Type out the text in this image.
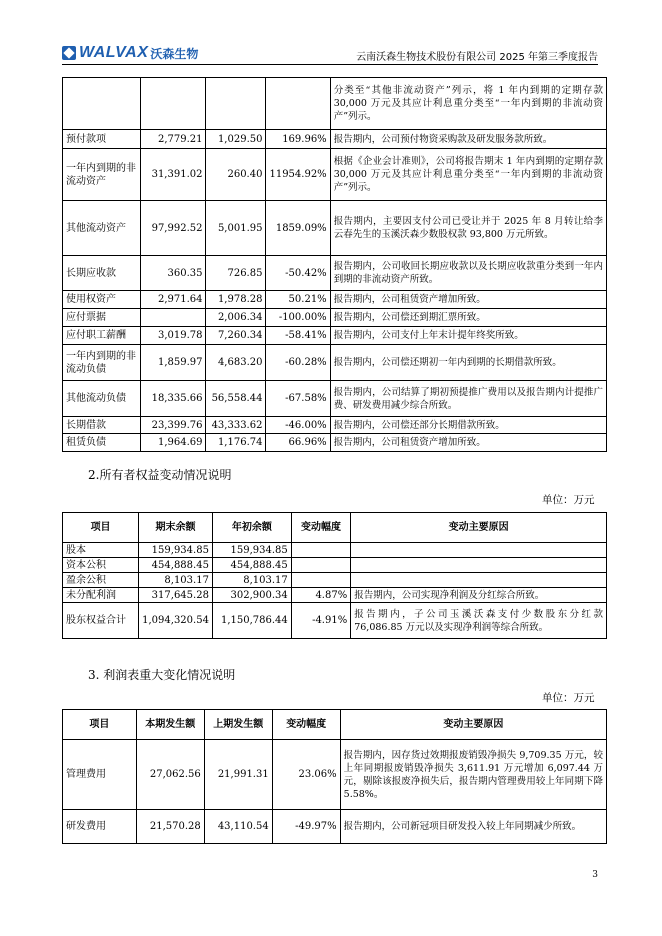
WALVAX 沃森生物	云南沃森生物技术股份有限公司 2025 年第三季度报告
				分类至“其他非流动资产”列示，将 1 年内到期的定期存款 30,000 万元及其应计利息重分类至“一年内到期的非流动资产”列示。
预付款项	2,779.21	1,029.50	169.96%	报告期内，公司预付物资采购款及研发服务款所致。
一年内到期的非流动资产	31,391.02	260.40	11954.92%	根据《企业会计准则》，公司将报告期末 1 年内到期的定期存款 30,000 万元及其应计利息重分类至“一年内到期的非流动资产”列示。
其他流动资产	97,992.52	5,001.95	1859.09%	报告期内，主要因支付公司已受让并于 2025 年 8 月转让给李云春先生的玉溪沃森少数股权款 93,800 万元所致。
长期应收款	360.35	726.85	-50.42%	报告期内，公司收回长期应收款以及长期应收款重分类到一年内到期的非流动资产所致。
使用权资产	2,971.64	1,978.28	50.21%	报告期内，公司租赁资产增加所致。
应付票据		2,006.34	-100.00%	报告期内，公司偿还到期汇票所致。
应付职工薪酬	3,019.78	7,260.34	-58.41%	报告期内，公司支付上年末计提年终奖所致。
一年内到期的非流动负债	1,859.97	4,683.20	-60.28%	报告期内，公司偿还期初一年内到期的长期借款所致。
其他流动负债	18,335.66	56,558.44	-67.58%	报告期内，公司结算了期初预提推广费用以及报告期内计提推广费、研发费用减少综合所致。
长期借款	23,399.76	43,333.62	-46.00%	报告期内，公司偿还部分长期借款所致。
租赁负债	1,964.69	1,176.74	66.96%	报告期内，公司租赁资产增加所致。
2.所有者权益变动情况说明
单位：万元
项目	期末余额	年初余额	变动幅度	变动主要原因
股本	159,934.85	159,934.85		
资本公积	454,888.45	454,888.45		
盈余公积	8,103.17	8,103.17		
未分配利润	317,645.28	302,900.34	4.87%	报告期内，公司实现净利润及分红综合所致。
股东权益合计	1,094,320.54	1,150,786.44	-4.91%	报告期内，子公司玉溪沃森支付少数股东分红款 76,086.85 万元以及实现净利润等综合所致。
3. 利润表重大变化情况说明
单位：万元
项目	本期发生额	上期发生额	变动幅度	变动主要原因
管理费用	27,062.56	21,991.31	23.06%	报告期内，因存货过效期报废销毁净损失 9,709.35 万元，较上年同期报废销毁净损失 3,611.91 万元增加 6,097.44 万元，剔除该报废净损失后，报告期内管理费用较上年同期下降 5.58%。
研发费用	21,570.28	43,110.54	-49.97%	报告期内，公司新冠项目研发投入较上年同期减少所致。
3
